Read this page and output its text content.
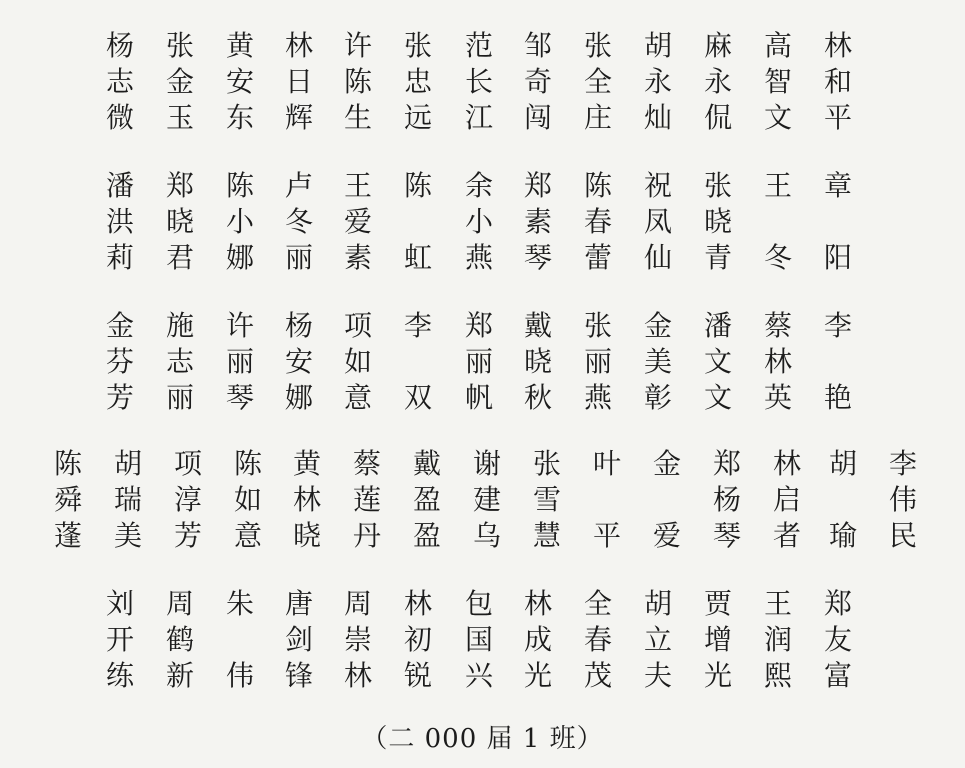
杨
志
微
张
金
玉
黄
安
东
林
日
辉
许
陈
生
张
忠
远
范
长
江
邹
奇
闯
张
全
庄
胡
永
灿
麻
永
侃
高
智
文
林
和
平
潘
洪
莉
郑
晓
君
陈
小
娜
卢
冬
丽
王
爱
素
陈
虹
余
小
燕
郑
素
琴
陈
春
蕾
祝
凤
仙
张
晓
青
王
冬
章
阳
金
芬
芳
施
志
丽
许
丽
琴
杨
安
娜
项
如
意
李
双
郑
丽
帆
戴
晓
秋
张
丽
燕
金
美
彰
潘
文
文
蔡
林
英
李
艳
陈
舜
蓬
胡
瑞
美
项
淳
芳
陈
如
意
黄
林
晓
蔡
莲
丹
戴
盈
盈
谢
建
乌
张
雪
慧
叶
平
金
爱
郑
杨
琴
林
启
者
胡
瑜
李
伟
民
刘
开
练
周
鹤
新
朱
伟
唐
剑
锋
周
崇
林
林
初
锐
包
国
兴
林
成
光
全
春
茂
胡
立
夫
贾
增
光
王
润
熙
郑
友
富
（二 000 届 1 班）
